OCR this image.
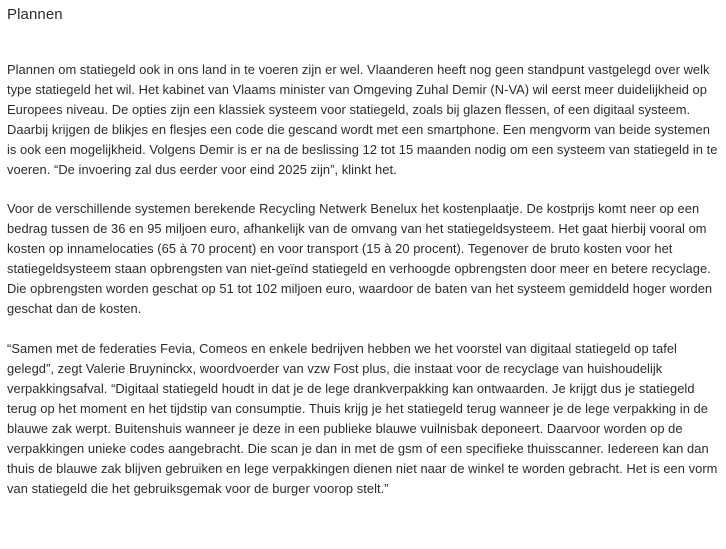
Plannen

Plannen om statiegeld ook in ons land in te voeren zijn er wel. Vlaanderen heeft nog geen standpunt vastgelegd over welk type statiegeld het wil. Het kabinet van Vlaams minister van Omgeving Zuhal Demir (N-VA) wil eerst meer duidelijkheid op Europees niveau. De opties zijn een klassiek systeem voor statiegeld, zoals bij glazen flessen, of een digitaal systeem. Daarbij krijgen de blikjes en flesjes een code die gescand wordt met een smartphone. Een mengvorm van beide systemen is ook een mogelijkheid. Volgens Demir is er na de beslissing 12 tot 15 maanden nodig om een systeem van statiegeld in te voeren. “De invoering zal dus eerder voor eind 2025 zijn”, klinkt het.

Voor de verschillende systemen berekende Recycling Netwerk Benelux het kostenplaatje. De kostprijs komt neer op een bedrag tussen de 36 en 95 miljoen euro, afhankelijk van de omvang van het statiegeldsysteem. Het gaat hierbij vooral om kosten op innamelocaties (65 à 70 procent) en voor transport (15 à 20 procent). Tegenover de bruto kosten voor het statiegeldsysteem staan opbrengsten van niet-geïnd statiegeld en verhoogde opbrengsten door meer en betere recyclage. Die opbrengsten worden geschat op 51 tot 102 miljoen euro, waardoor de baten van het systeem gemiddeld hoger worden geschat dan de kosten.

“Samen met de federaties Fevia, Comeos en enkele bedrijven hebben we het voorstel van digitaal statiegeld op tafel gelegd”, zegt Valerie Bruyninckx, woordvoerder van vzw Fost plus, die instaat voor de recyclage van huishoudelijk verpakkingsafval. “Digitaal statiegeld houdt in dat je de lege drankverpakking kan ontwaarden. Je krijgt dus je statiegeld terug op het moment en het tijdstip van consumptie. Thuis krijg je het statiegeld terug wanneer je de lege verpakking in de blauwe zak werpt. Buitenshuis wanneer je deze in een publieke blauwe vuilnisbak deponeert. Daarvoor worden op de verpakkingen unieke codes aangebracht. Die scan je dan in met de gsm of een specifieke thuisscanner. Iedereen kan dan thuis de blauwe zak blijven gebruiken en lege verpakkingen dienen niet naar de winkel te worden gebracht. Het is een vorm van statiegeld die het gebruiksgemak voor de burger voorop stelt.”
